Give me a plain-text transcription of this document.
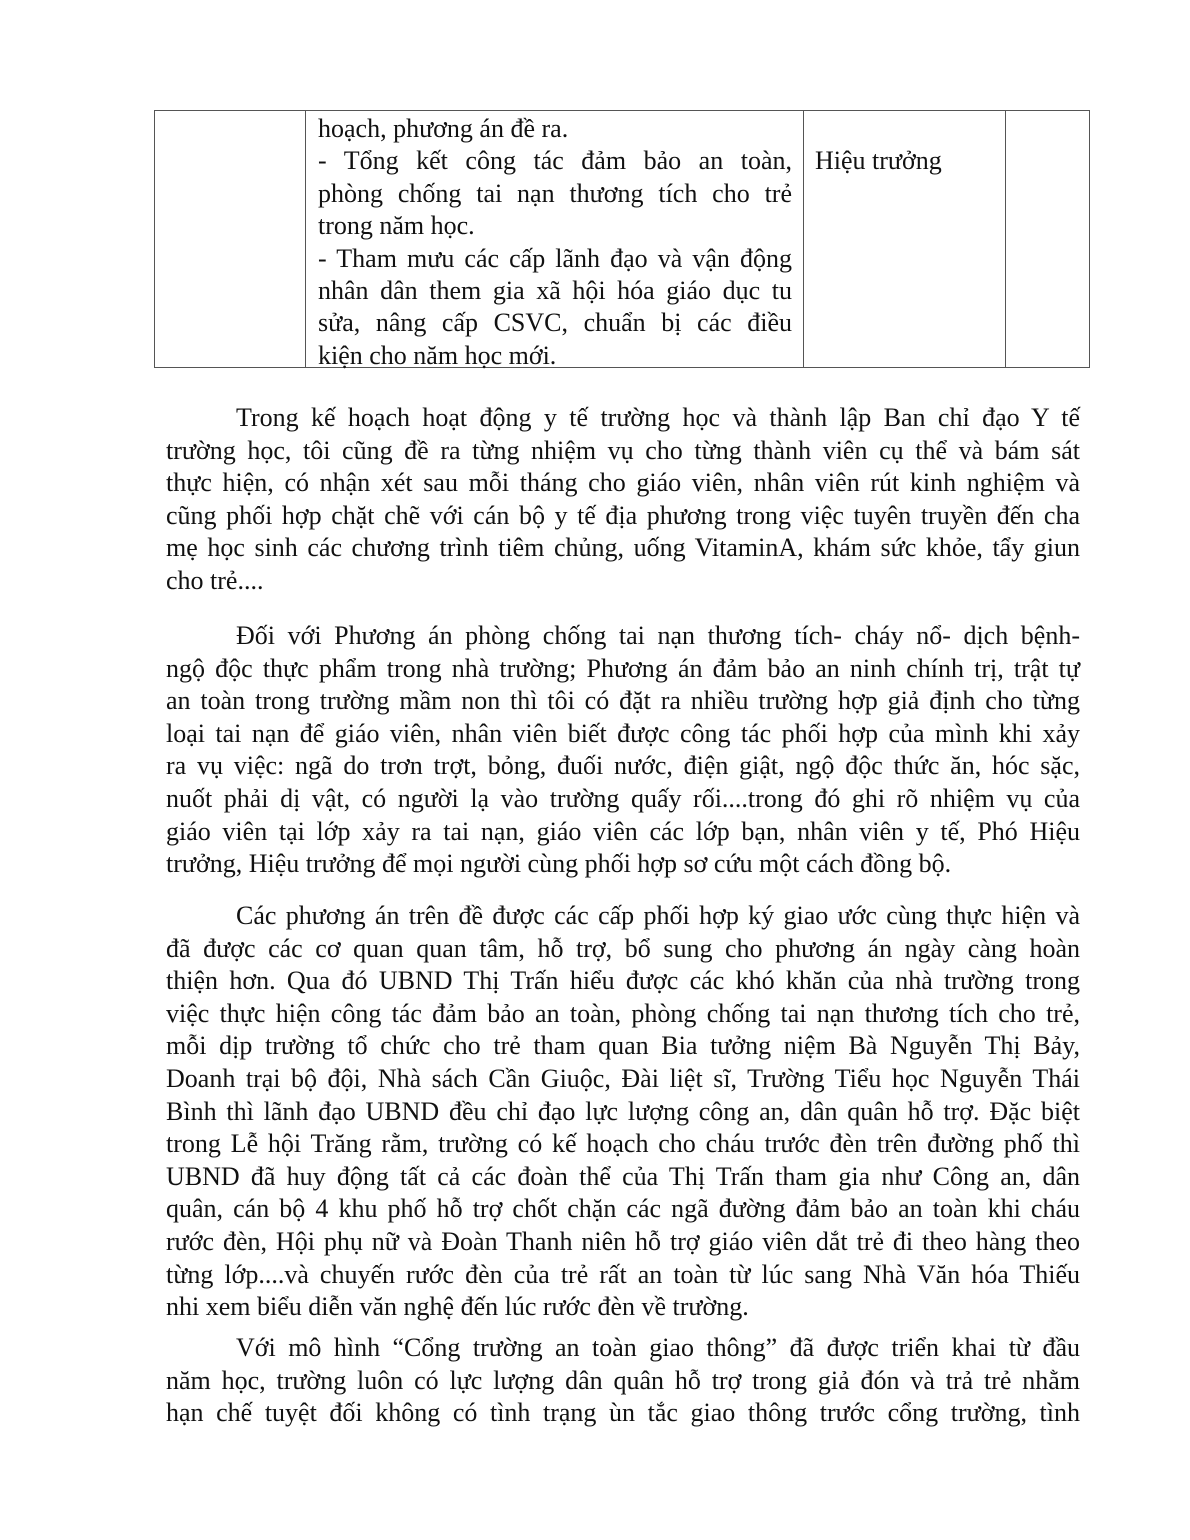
hoạch, phương án đề ra.
- Tổng kết công tác đảm bảo an toàn,
phòng chống tai nạn thương tích cho trẻ
trong năm học.
- Tham mưu các cấp lãnh đạo và vận động
nhân dân them gia xã hội hóa giáo dục tu
sửa, nâng cấp CSVC, chuẩn bị các điều
kiện cho năm học mới.
Hiệu trưởng
Trong kế hoạch hoạt động y tế trường học và thành lập Ban chỉ đạo Y tế
trường học, tôi cũng đề ra từng nhiệm vụ cho từng thành viên cụ thể và bám sát
thực hiện, có nhận xét sau mỗi tháng cho giáo viên, nhân viên rút kinh nghiệm và
cũng phối hợp chặt chẽ với cán bộ y tế địa phương trong việc tuyên truyền đến cha
mẹ học sinh các chương trình tiêm chủng, uống VitaminA, khám sức khỏe, tẩy giun
cho trẻ....
Đối với Phương án phòng chống tai nạn thương tích- cháy nổ- dịch bệnh-
ngộ độc thực phẩm trong nhà trường; Phương án đảm bảo an ninh chính trị, trật tự
an toàn trong trường mầm non thì tôi có đặt ra nhiều trường hợp giả định cho từng
loại tai nạn để giáo viên, nhân viên biết được công tác phối hợp của mình khi xảy
ra vụ việc: ngã do trơn trợt, bỏng, đuối nước, điện giật, ngộ độc thức ăn, hóc sặc,
nuốt phải dị vật, có người lạ vào trường quấy rối....trong đó ghi rõ nhiệm vụ của
giáo viên tại lớp xảy ra tai nạn, giáo viên các lớp bạn, nhân viên y tế, Phó Hiệu
trưởng, Hiệu trưởng để mọi người cùng phối hợp sơ cứu một cách đồng bộ.
Các phương án trên đề được các cấp phối hợp ký giao ước cùng thực hiện và
đã được các cơ quan quan tâm, hỗ trợ, bổ sung cho phương án ngày càng hoàn
thiện hơn. Qua đó UBND Thị Trấn hiểu được các khó khăn của nhà trường trong
việc thực hiện công tác đảm bảo an toàn, phòng chống tai nạn thương tích cho trẻ,
mỗi dịp trường tổ chức cho trẻ tham quan Bia tưởng niệm Bà Nguyễn Thị Bảy,
Doanh trại bộ đội, Nhà sách Cần Giuộc, Đài liệt sĩ, Trường Tiểu học Nguyễn Thái
Bình thì lãnh đạo UBND đều chỉ đạo lực lượng công an, dân quân hỗ trợ. Đặc biệt
trong Lễ hội Trăng rằm, trường có kế hoạch cho cháu trước đèn trên đường phố thì
UBND đã huy động tất cả các đoàn thể của Thị Trấn tham gia như Công an, dân
quân, cán bộ 4 khu phố hỗ trợ chốt chặn các ngã đường đảm bảo an toàn khi cháu
rước đèn, Hội phụ nữ và Đoàn Thanh niên hỗ trợ giáo viên dắt trẻ đi theo hàng theo
từng lớp....và chuyến rước đèn của trẻ rất an toàn từ lúc sang Nhà Văn hóa Thiếu
nhi xem biểu diễn văn nghệ đến lúc rước đèn về trường.
Với mô hình “Cổng trường an toàn giao thông” đã được triển khai từ đầu
năm học, trường luôn có lực lượng dân quân hỗ trợ trong giả đón và trả trẻ nhằm
hạn chế tuyệt đối không có tình trạng ùn tắc giao thông trước cổng trường, tình
